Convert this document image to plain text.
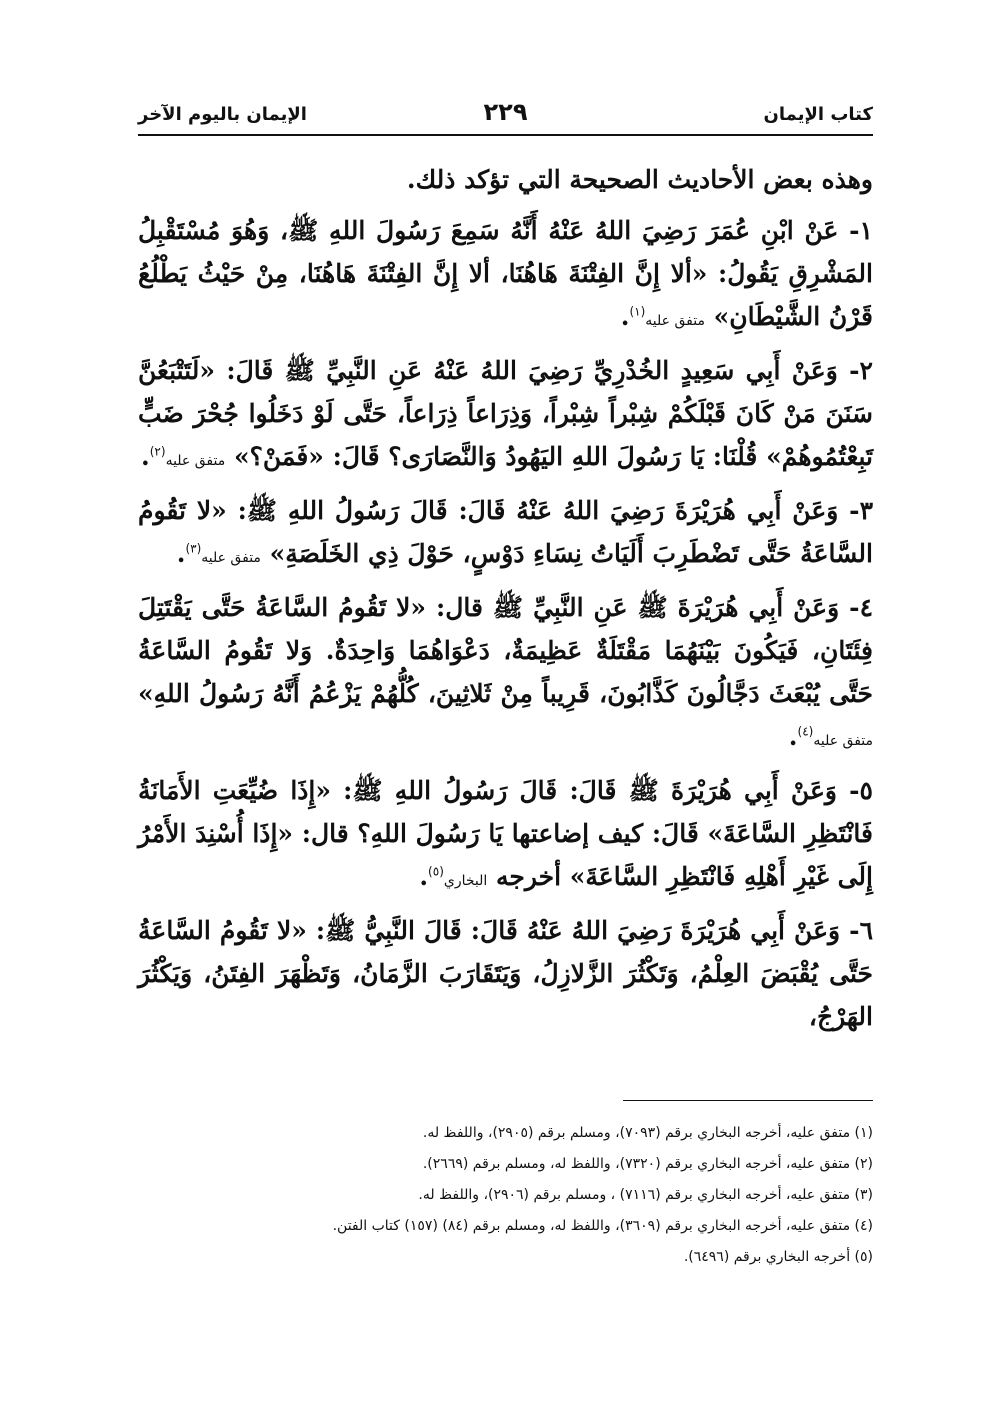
كتاب الإيمان
٢٢٩
الإيمان باليوم الآخر

وهذه بعض الأحاديث الصحيحة التي تؤكد ذلك.

١- عَنْ ابْنِ عُمَرَ رَضِيَ اللهُ عَنْهُ أَنَّهُ سَمِعَ رَسُولَ اللهِ ﷺ، وَهُوَ مُسْتَقْبِلُ المَشْرِقِ يَقُولُ: «ألا إِنَّ الفِتْنَةَ هَاهُنَا، ألا إِنَّ الفِتْنَةَ هَاهُنَا، مِنْ حَيْثُ يَطْلُعُ قَرْنُ الشَّيْطَانِ» متفق عليه$^{(١)}$.

٢- وَعَنْ أَبِي سَعِيدٍ الخُدْرِيِّ رَضِيَ اللهُ عَنْهُ عَنِ النَّبِيِّ ﷺ قَالَ: «لَتَتْبَعُنَّ سَنَنَ مَنْ كَانَ قَبْلَكُمْ شِبْراً شِبْراً، وَذِرَاعاً ذِرَاعاً، حَتَّى لَوْ دَخَلُوا جُحْرَ ضَبٍّ تَبِعْتُمُوهُمْ» قُلْنَا: يَا رَسُولَ اللهِ اليَهُودُ وَالنَّصَارَى؟ قَالَ: «فَمَنْ؟» متفق عليه$^{(٢)}$.

٣- وَعَنْ أَبِي هُرَيْرَةَ رَضِيَ اللهُ عَنْهُ قَالَ: قَالَ رَسُولُ اللهِ ﷺ: «لا تَقُومُ السَّاعَةُ حَتَّى تَضْطَرِبَ أَلَيَاتُ نِسَاءِ دَوْسٍ، حَوْلَ ذِي الخَلَصَةِ» متفق عليه$^{(٣)}$.

٤- وَعَنْ أَبِي هُرَيْرَةَ ﷺ عَنِ النَّبِيِّ ﷺ قال: «لا تَقُومُ السَّاعَةُ حَتَّى يَقْتَتِلَ فِئَتَانِ، فَيَكُونَ بَيْنَهُمَا مَقْتَلَةٌ عَظِيمَةٌ، دَعْوَاهُمَا وَاحِدَةٌ. وَلا تَقُومُ السَّاعَةُ حَتَّى يُبْعَثَ دَجَّالُونَ كَذَّابُونَ، قَرِيباً مِنْ ثَلاثِينَ، كُلُّهُمْ يَزْعُمُ أَنَّهُ رَسُولُ اللهِ» متفق عليه$^{(٤)}$.

٥- وَعَنْ أَبِي هُرَيْرَةَ ﷺ قَالَ: قَالَ رَسُولُ اللهِ ﷺ: «إِذَا ضُيِّعَتِ الأَمَانَةُ فَانْتَظِرِ السَّاعَةَ» قَالَ: كيف إضاعتها يَا رَسُولَ اللهِ؟ قال: «إِذَا أُسْنِدَ الأَمْرُ إِلَى غَيْرِ أَهْلِهِ فَانْتَظِرِ السَّاعَةَ» أخرجه البخاري$^{(٥)}$.

٦- وَعَنْ أَبِي هُرَيْرَةَ رَضِيَ اللهُ عَنْهُ قَالَ: قَالَ النَّبِيُّ ﷺ: «لا تَقُومُ السَّاعَةُ حَتَّى يُقْبَضَ العِلْمُ، وَتَكْثُرَ الزَّلازِلُ، وَيَتَقَارَبَ الزَّمَانُ، وَتَظْهَرَ الفِتَنُ، وَيَكْثُرَ الهَرْجُ،

(١) متفق عليه، أخرجه البخاري برقم (٧٠٩٣)، ومسلم برقم (٢٩٠٥)، واللفظ له.

(٢) متفق عليه، أخرجه البخاري برقم (٧٣٢٠)، واللفظ له، ومسلم برقم (٢٦٦٩).

(٣) متفق عليه، أخرجه البخاري برقم (٧١١٦) ، ومسلم برقم (٢٩٠٦)، واللفظ له.

(٤) متفق عليه، أخرجه البخاري برقم (٣٦٠٩)، واللفظ له، ومسلم برقم (٨٤) (١٥٧) كتاب الفتن.

(٥) أخرجه البخاري برقم (٦٤٩٦).
